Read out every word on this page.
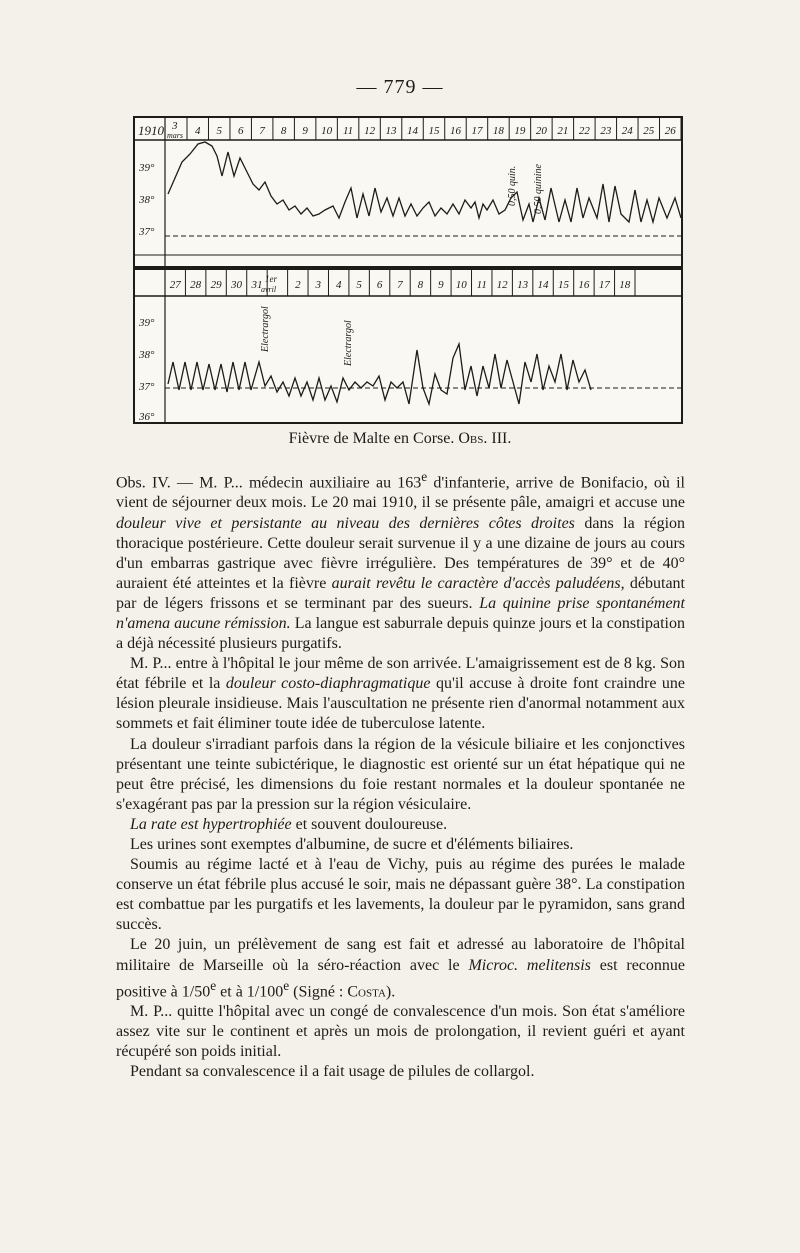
— 779 —
1910 3
mars 4 5 6 7 8 9 10 11 12 13 14 15 16 17 18 19 20 21 22 23 24 25 26
39°
38°
37°
0,50 quin. 0,50 quinine
27 28 29 30 31	2 3 4 5 6 7 8 9 10 11 12 13 14 15 16 17 18
1er
avril
39°
38°
37°
36°
Electrargol	Electrargol
Fièvre de Malte en Corse. Obs. III.

Obs. IV. — M. P... médecin auxiliaire au 163e d'infanterie, arrive de Bonifacio, où il vient de séjourner deux mois. Le 20 mai 1910, il se présente pâle, amaigri et accuse une douleur vive et persistante au niveau des dernières côtes droites dans la région thoracique postérieure. Cette douleur serait survenue il y a une dizaine de jours au cours d'un embarras gastrique avec fièvre irrégulière. Des températures de 39° et de 40° auraient été atteintes et la fièvre aurait revêtu le caractère d'accès paludéens, débutant par de légers frissons et se terminant par des sueurs. La quinine prise spontanément n'amena aucune rémission. La langue est saburrale depuis quinze jours et la constipation a déjà nécessité plusieurs purgatifs.

M. P... entre à l'hôpital le jour même de son arrivée. L'amaigrissement est de 8 kg. Son état fébrile et la douleur costo-diaphragmatique qu'il accuse à droite font craindre une lésion pleurale insidieuse. Mais l'auscultation ne présente rien d'anormal notamment aux sommets et fait éliminer toute idée de tuberculose latente.

La douleur s'irradiant parfois dans la région de la vésicule biliaire et les conjonctives présentant une teinte subictérique, le diagnostic est orienté sur un état hépatique qui ne peut être précisé, les dimensions du foie restant normales et la douleur spontanée ne s'exagérant pas par la pression sur la région vésiculaire.

La rate est hypertrophiée et souvent douloureuse.

Les urines sont exemptes d'albumine, de sucre et d'éléments biliaires.

Soumis au régime lacté et à l'eau de Vichy, puis au régime des purées le malade conserve un état fébrile plus accusé le soir, mais ne dépassant guère 38°. La constipation est combattue par les purgatifs et les lavements, la douleur par le pyramidon, sans grand succès.

Le 20 juin, un prélèvement de sang est fait et adressé au laboratoire de l'hôpital militaire de Marseille où la séro-réaction avec le Microc. melitensis est reconnue positive à 1/50e et à 1/100e (Signé : Costa).

M. P... quitte l'hôpital avec un congé de convalescence d'un mois. Son état s'améliore assez vite sur le continent et après un mois de prolongation, il revient guéri et ayant récupéré son poids initial.

Pendant sa convalescence il a fait usage de pilules de collargol.
